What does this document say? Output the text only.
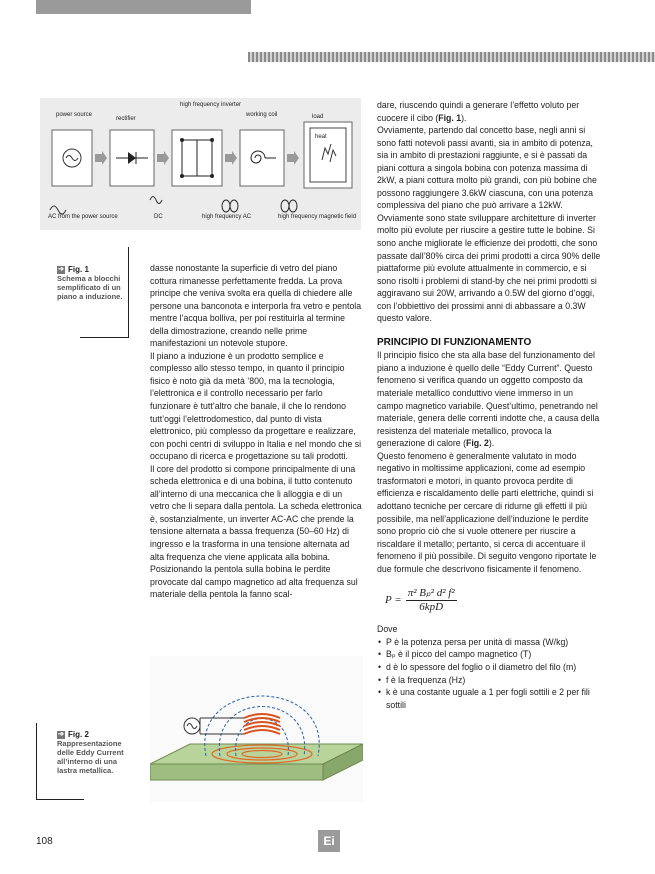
power source
rectifier
high frequency inverter
working coil	load
heat
AC from the power source	DC	high frequency AC	high frequency magnetic field
➔ Fig. 1
Schema a blocchi semplificato di un piano a induzione.

dasse nonostante la superficie di vetro del piano cottura rimanesse perfettamente fredda. La prova principe che veniva svolta era quella di chiedere alle persone una banconota e interporla fra vetro e pentola mentre l’acqua bolliva, per poi restituirla al termine della dimostrazione, creando nelle prime manifestazioni un notevole stupore.

Il piano a induzione è un prodotto semplice e complesso allo stesso tempo, in quanto il principio fisico è noto già da metà ’800, ma la tecnologia, l’elettronica e il controllo necessario per farlo funzionare è tutt’altro che banale, il che lo rendono tutt’oggi l’elettrodomestico, dal punto di vista elettronico, più complesso da progettare e realizzare, con pochi centri di sviluppo in Italia e nel mondo che si occupano di ricerca e progettazione su tali prodotti.

Il core del prodotto si compone principalmente di una scheda elettronica e di una bobina, il tutto contenuto all’interno di una meccanica che li alloggia e di un vetro che li separa dalla pentola. La scheda elettronica è, sostanzialmente, un inverter AC-AC che prende la tensione alternata a bassa frequenza (50–60 Hz) di ingresso e la trasforma in una tensione alternata ad alta frequenza che viene applicata alla bobina. Posizionando la pentola sulla bobina le perdite provocate dal campo magnetico ad alta frequenza sul materiale della pentola la fanno scal-

dare, riuscendo quindi a generare l’effetto voluto per cuocere il cibo (Fig. 1).

Ovviamente, partendo dal concetto base, negli anni si sono fatti notevoli passi avanti, sia in ambito di potenza, sia in ambito di prestazioni raggiunte, e si è passati da piani cottura a singola bobina con potenza massima di 2kW, a piani cottura molto più grandi, con più bobine che possono raggiungere 3.6kW ciascuna, con una potenza complessiva del piano che può arrivare a 12kW. Ovviamente sono state sviluppare architetture di inverter molto più evolute per riuscire a gestire tutte le bobine. Si sono anche migliorate le efficienze dei prodotti, che sono passate dall’80% circa dei primi prodotti a circa 90% delle piattaforme più evolute attualmente in commercio, e si sono risolti i problemi di stand-by che nei primi prodotti si aggiravano sui 20W, arrivando a 0.5W del giorno d’oggi, con l’obbiettivo dei prossimi anni di abbassare a 0.3W questo valore.

PRINCIPIO DI FUNZIONAMENTO

Il principio fisico che sta alla base del funzionamento del piano a induzione è quello delle “Eddy Current”. Questo fenomeno si verifica quando un oggetto composto da materiale metallico conduttivo viene immerso in un campo magnetico variabile. Quest’ultimo, penetrando nel materiale, genera delle correnti indotte che, a causa della resistenza del materiale metallico, provoca la generazione di calore (Fig. 2).

Questo fenomeno è generalmente valutato in modo negativo in moltissime applicazioni, come ad esempio trasformatori e motori, in quanto provoca perdite di efficienza e riscaldamento delle parti elettriche, quindi si adottano tecniche per cercare di ridurne gli effetti il più possibile, ma nell’applicazione dell’induzione le perdite sono proprio ciò che si vuole ottenere per riuscire a riscaldare il metallo; pertanto, si cerca di accentuare il fenomeno il più possibile. Di seguito vengono riportate le due formule che descrivono fisicamente il fenomeno.

$P = \frac{\text{π² Bₚ² d² f²}}{\text{6kpD}}$

Dove

• P è la potenza persa per unità di massa (W/kg)
• Bₚ è il picco del campo magnetico (T)
• d è lo spessore del foglio o il diametro del filo (m)
• f è la frequenza (Hz)
• k è una costante uguale a 1 per fogli sottili e 2 per fili sottili
➔ Fig. 2
Rappresentazione delle Eddy Current all’interno di una lastra metallica.
108	Ei
